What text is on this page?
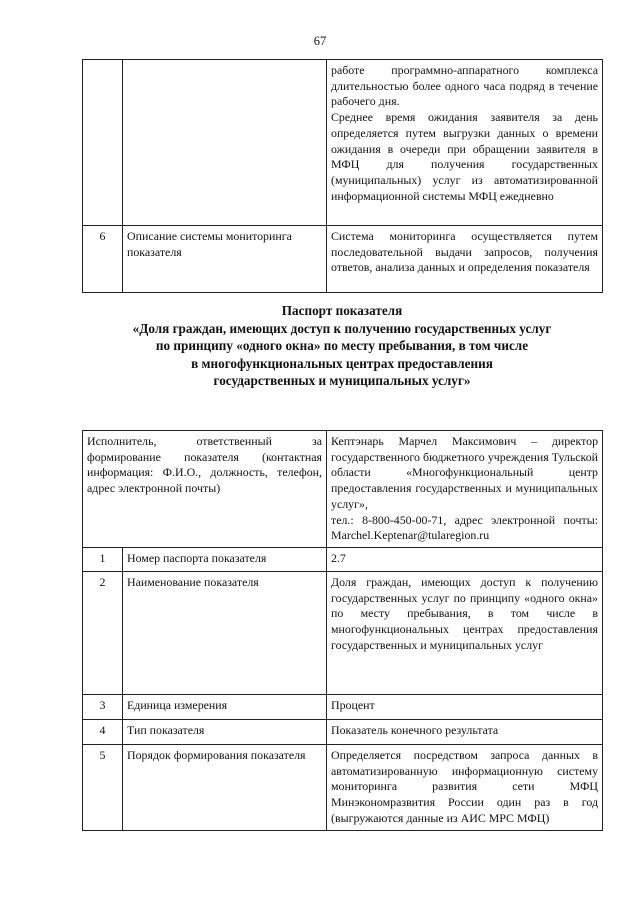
67

		работе программно-аппаратного комплекса длительностью более одного часа подряд в течение рабочего дня.
Среднее время ожидания заявителя за день определяется путем выгрузки данных о времени ожидания в очереди при обращении заявителя в МФЦ для получения государственных (муниципальных) услуг из автоматизированной информационной системы МФЦ ежедневно

6	Описание системы мониторинга показателя	Система мониторинга осуществляется путем последовательной выдачи запросов, получения ответов, анализа данных и определения показателя
Паспорт показателя
«Доля граждан, имеющих доступ к получению государственных услуг
по принципу «одного окна» по месту пребывания, в том числе
в многофункциональных центрах предоставления
государственных и муниципальных услуг»
Исполнитель, ответственный за формирование показателя (контактная информация: Ф.И.О., должность, телефон, адрес электронной почты)		Кептэнарь Марчел Максимович – директор государственного бюджетного учреждения Тульской области «Многофункциональный центр предоставления государственных и муниципальных услуг»,
тел.: 8-800-450-00-71, адрес электронной почты: Marchel.Keptenar@tularegion.ru

1	Номер паспорта показателя	2.7
2	Наименование показателя	Доля граждан, имеющих доступ к получению государственных услуг по принципу «одного окна» по месту пребывания, в том числе в многофункциональных центрах предоставления государственных и муниципальных услуг
3	Единица измерения	Процент
4	Тип показателя	Показатель конечного результата
5	Порядок формирования показателя	Определяется посредством запроса данных в автоматизированную информационную систему мониторинга развития сети МФЦ Минэкономразвития России один раз в год (выгружаются данные из АИС МРС МФЦ)
